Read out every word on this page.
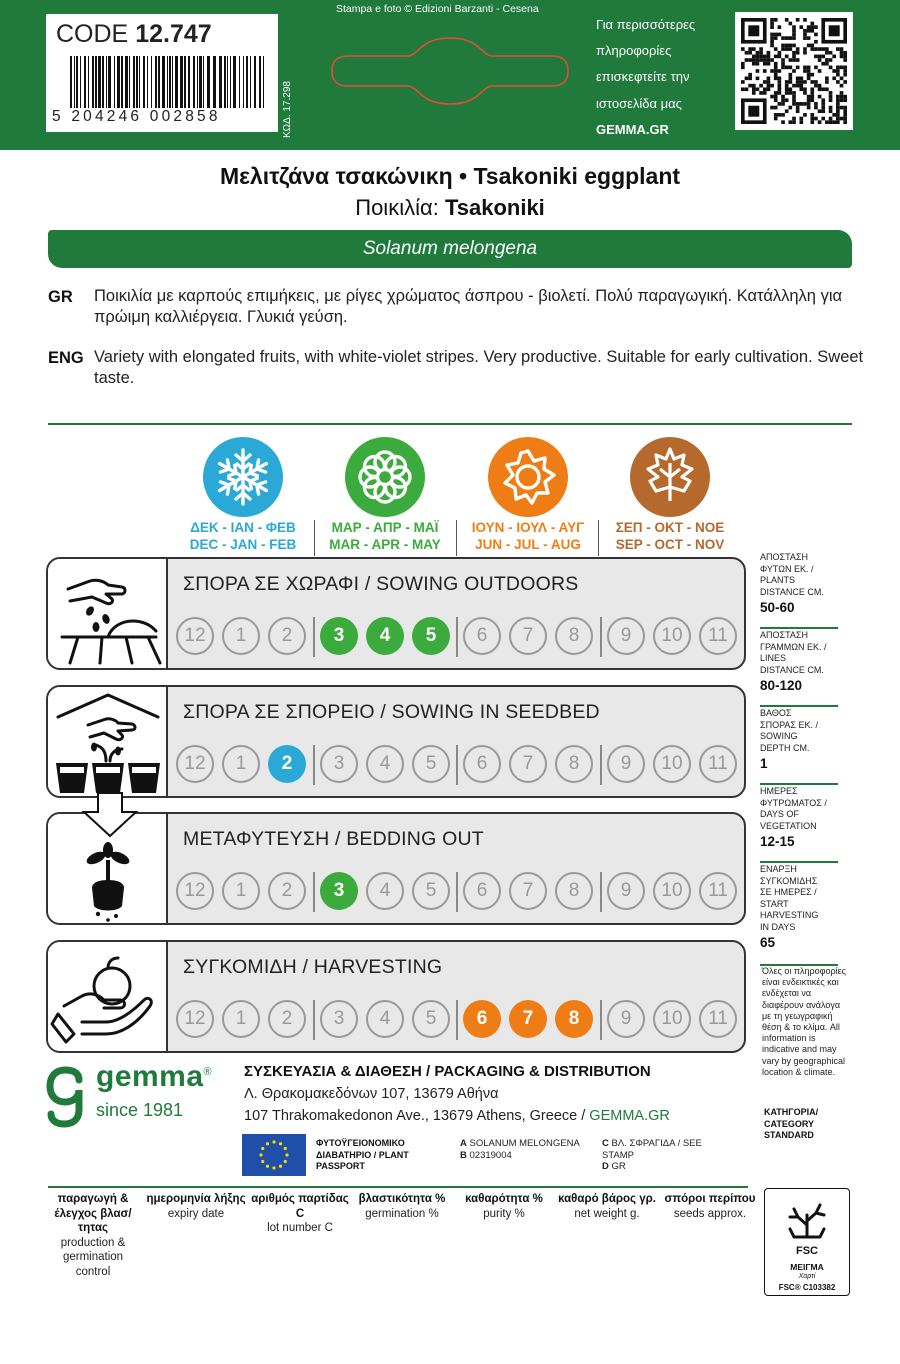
CODE 12.747
5 204246 002858	ΚΩΔ. 17.298
Stampa e foto © Edizioni Barzanti - Cesena
Για περισσότερες
πληροφορίες
επισκεφτείτε την
ιστοσελίδα μας
GEMMA.GR
Μελιτζάνα τσακώνικη • Tsakoniki eggplant
Ποικιλία: Tsakoniki
Solanum melongena
GR Ποικιλία με καρπούς επιμήκεις, με ρίγες χρώματος άσπρου - βιολετί. Πολύ παραγωγική. Κατάλληλη για πρώιμη καλλιέργεια. Γλυκιά γεύση.
ENG Variety with elongated fruits, with white-violet stripes. Very productive. Suitable for early cultivation. Sweet taste.
ΔΕΚ - ΙΑΝ - ΦΕΒ
DEC - JAN - FEB
ΜΑΡ - ΑΠΡ - ΜΑΪ
MAR - APR - MAY
ΙΟΥΝ - ΙΟΥΛ - ΑΥΓ
JUN - JUL - AUG
ΣΕΠ - ΟΚΤ - ΝΟΕ
SEP - OCT - NOV
ΣΠΟΡΑ ΣΕ ΧΩΡΑΦΙ / SOWING OUTDOORS
12	1	2	3	4	5	6	7	8	9	10	11
ΣΠΟΡΑ ΣΕ ΣΠΟΡΕΙΟ / SOWING IN SEEDBED
12	1	2	3	4	5	6	7	8	9	10	11
ΜΕΤΑΦΥΤΕΥΣΗ / BEDDING OUT
12	1	2	3	4	5	6	7	8	9	10	11
ΣΥΓΚΟΜΙΔΗ / HARVESTING
12	1	2	3	4	5	6	7	8	9	10	11
ΑΠΟΣΤΑΣΗ
ΦΥΤΩΝ ΕΚ. /
PLANTS
DISTANCE CM.
50-60
ΑΠΟΣΤΑΣΗ
ΓΡΑΜΜΩΝ ΕΚ. /
LINES
DISTANCE CM.
80-120
ΒΑΘΟΣ
ΣΠΟΡΑΣ ΕΚ. /
SOWING
DEPTH CM.
1
ΗΜΕΡΕΣ
ΦΥΤΡΩΜΑΤΟΣ /
DAYS OF
VEGETATION
12-15
ΕΝΑΡΞΗ
ΣΥΓΚΟΜΙΔΗΣ
ΣΕ ΗΜΕΡΕΣ /
START
HARVESTING
IN DAYS
65
Όλες οι πληροφορίες είναι ενδεικτικές και ενδέχεται να διαφέρουν ανάλογα με τη γεωγραφική θέση & το κλίμα. All information is indicative and may vary by geographical location & climate.
ΚΑΤΗΓΟΡΙΑ/ CATEGORY STANDARD
gemma®
since 1981
ΣΥΣΚΕΥΑΣΙΑ & ΔΙΑΘΕΣΗ / PACKAGING & DISTRIBUTION
Λ. Θρακομακεδόνων 107, 13679 Αθήνα
107 Thrakomakedonon Ave., 13679 Athens, Greece / GEMMA.GR
ΦΥΤΟΫΓΕΙΟΝΟΜΙΚΟ ΔΙΑΒΑΤΗΡΙΟ / PLANT PASSPORT
A SOLANUM MELONGENA
B 02319004
C ΒΛ. ΣΦΡΑΓΙΔΑ / SEE STAMP
D GR
παραγωγή & έλεγχος βλασ/τητας
production & germination control
ημερομηνία λήξης
expiry date
αριθμός παρτίδας C
lot number C
βλαστικότητα %
germination %
καθαρότητα %
purity %
καθαρό βάρος γρ.
net weight g.
σπόροι περίπου
seeds approx.
FSC
ΜΕΙΓΜΑ
Χαρτί
FSC® C103382
